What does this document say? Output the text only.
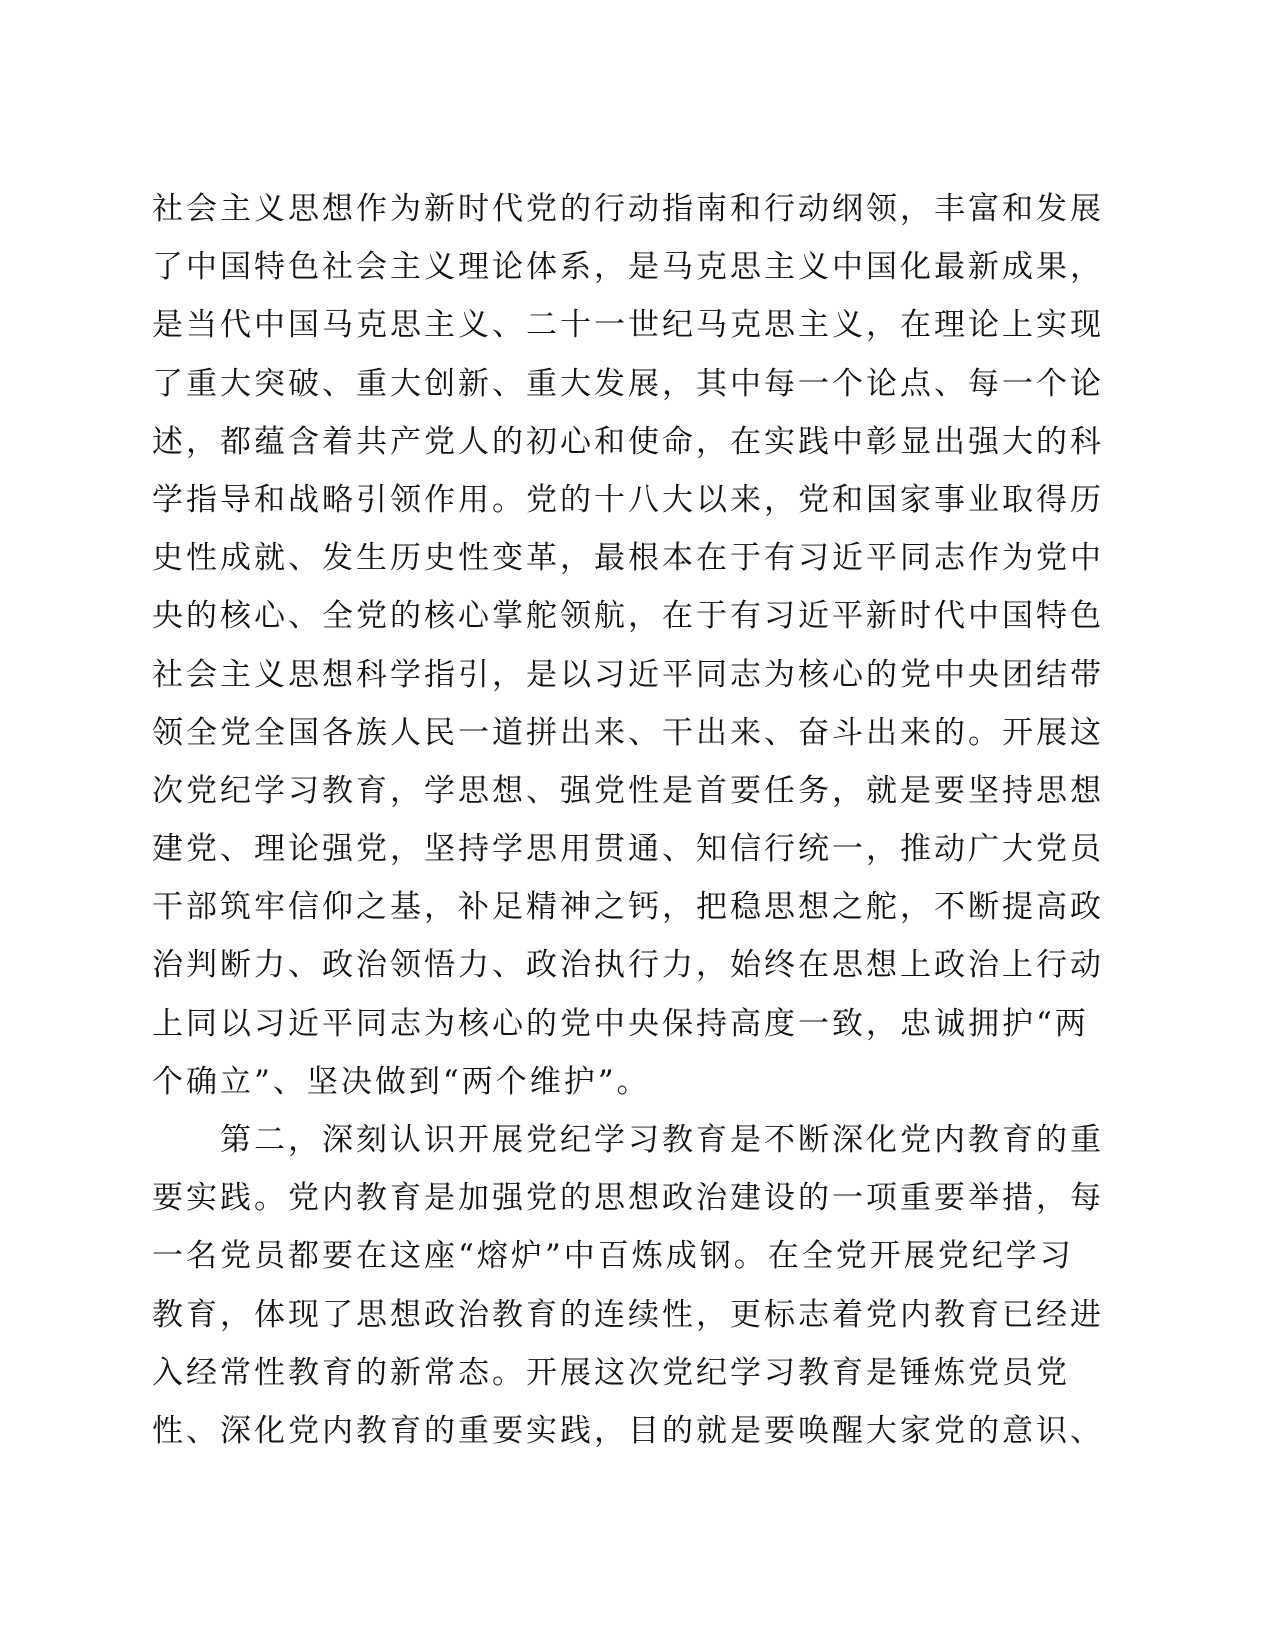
社会主义思想作为新时代党的行动指南和行动纲领，丰富和发展
了中国特色社会主义理论体系，是马克思主义中国化最新成果，
是当代中国马克思主义、二十一世纪马克思主义，在理论上实现
了重大突破、重大创新、重大发展，其中每一个论点、每一个论
述，都蕴含着共产党人的初心和使命，在实践中彰显出强大的科
学指导和战略引领作用。党的十八大以来，党和国家事业取得历
史性成就、发生历史性变革，最根本在于有习近平同志作为党中
央的核心、全党的核心掌舵领航，在于有习近平新时代中国特色
社会主义思想科学指引，是以习近平同志为核心的党中央团结带
领全党全国各族人民一道拼出来、干出来、奋斗出来的。开展这
次党纪学习教育，学思想、强党性是首要任务，就是要坚持思想
建党、理论强党，坚持学思用贯通、知信行统一，推动广大党员
干部筑牢信仰之基，补足精神之钙，把稳思想之舵，不断提高政
治判断力、政治领悟力、政治执行力，始终在思想上政治上行动
上同以习近平同志为核心的党中央保持高度一致，忠诚拥护“两
个确立”、坚决做到“两个维护”。
　　第二，深刻认识开展党纪学习教育是不断深化党内教育的重
要实践。党内教育是加强党的思想政治建设的一项重要举措，每
一名党员都要在这座“熔炉”中百炼成钢。在全党开展党纪学习
教育，体现了思想政治教育的连续性，更标志着党内教育已经进
入经常性教育的新常态。开展这次党纪学习教育是锤炼党员党
性、深化党内教育的重要实践，目的就是要唤醒大家党的意识、
